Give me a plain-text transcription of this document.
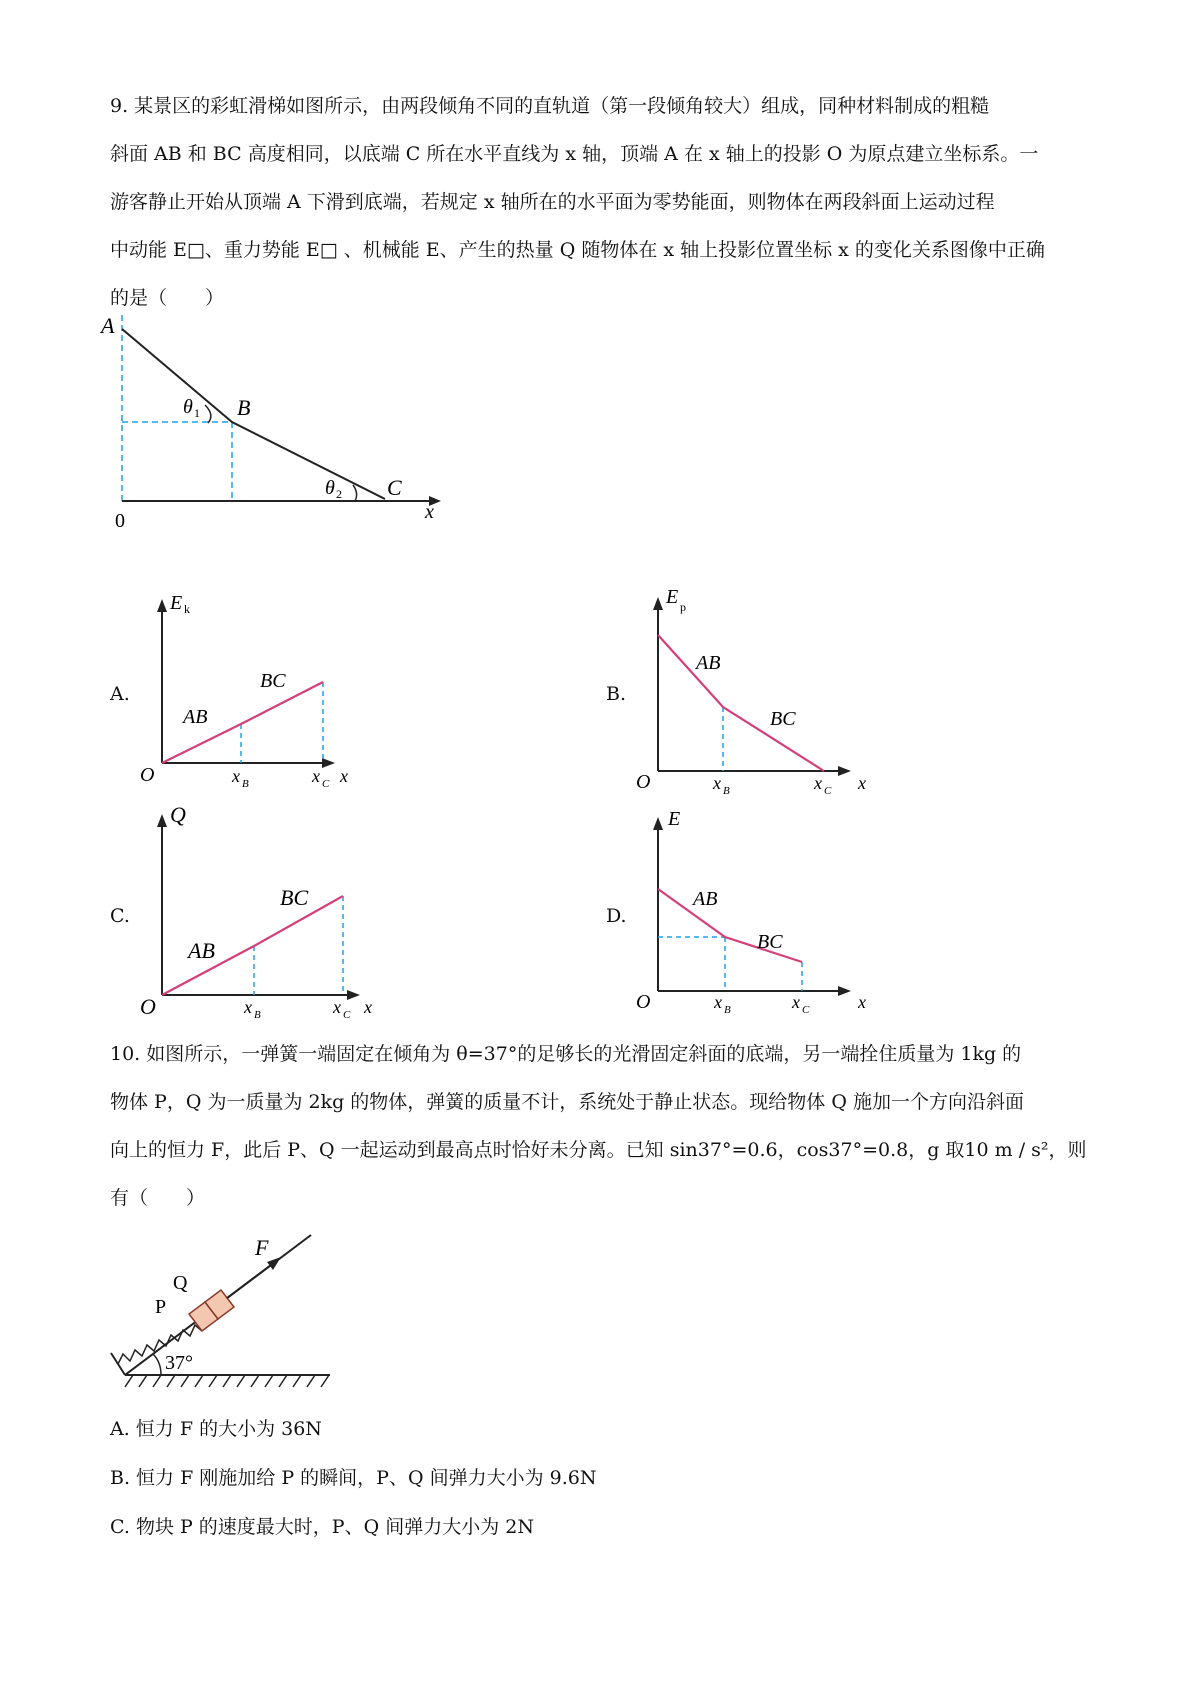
9. 某景区的彩虹滑梯如图所示，由两段倾角不同的直轨道（第一段倾角较大）组成，同种材料制成的粗糙
斜面 AB 和 BC 高度相同，以底端 C 所在水平直线为 x 轴，顶端 A 在 x 轴上的投影 O 为原点建立坐标系。一
游客静止开始从顶端 A 下滑到底端，若规定 x 轴所在的水平面为零势能面，则物体在两段斜面上运动过程
中动能 E□、重力势能 E□ 、机械能 E、产生的热量 Q 随物体在 x 轴上投影位置坐标 x 的变化关系图像中正确
的是（　　）
A
B
C
0	x
θ 1
θ 2
A.
E k
AB
BC
O	x B	x C x
B.
E p
AB
BC
O	x B	x C x
C.
Q
AB
BC
O	x B	x C x
D.
E
AB
BC
O	x B	x C	x
10. 如图所示，一弹簧一端固定在倾角为 θ=37°的足够长的光滑固定斜面的底端，另一端拴住质量为 1kg 的
物体 P，Q 为一质量为 2kg 的物体，弹簧的质量不计，系统处于静止状态。现给物体 Q 施加一个方向沿斜面
向上的恒力 F，此后 P、Q 一起运动到最高点时恰好未分离。已知 sin37°=0.6，cos37°=0.8，g 取10 m / s²，则
有（　　）
F
Q
P
37°
A. 恒力 F 的大小为 36N
B. 恒力 F 刚施加给 P 的瞬间，P、Q 间弹力大小为 9.6N
C. 物块 P 的速度最大时，P、Q 间弹力大小为 2N
